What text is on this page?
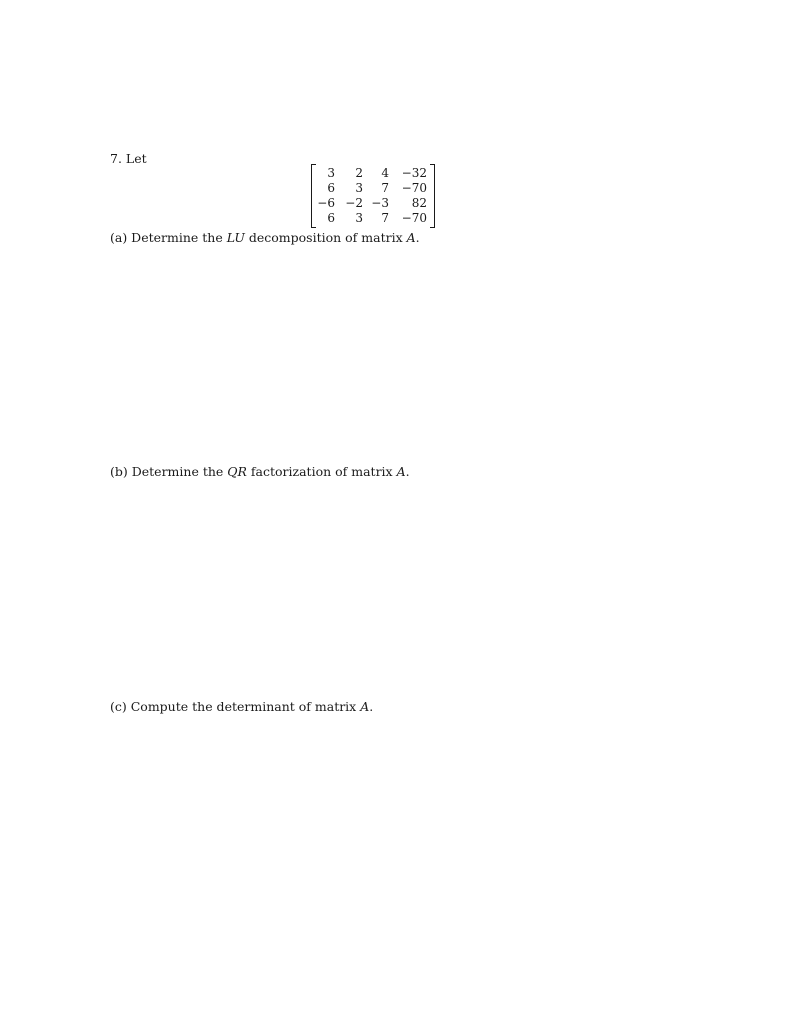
7. Let
3	2	4	−32
6	3	7	−70
−6 −2 −3	82
6	3	7	−70
(a) Determine the LU decomposition of matrix A.
(b) Determine the QR factorization of matrix A.
(c) Compute the determinant of matrix A.
